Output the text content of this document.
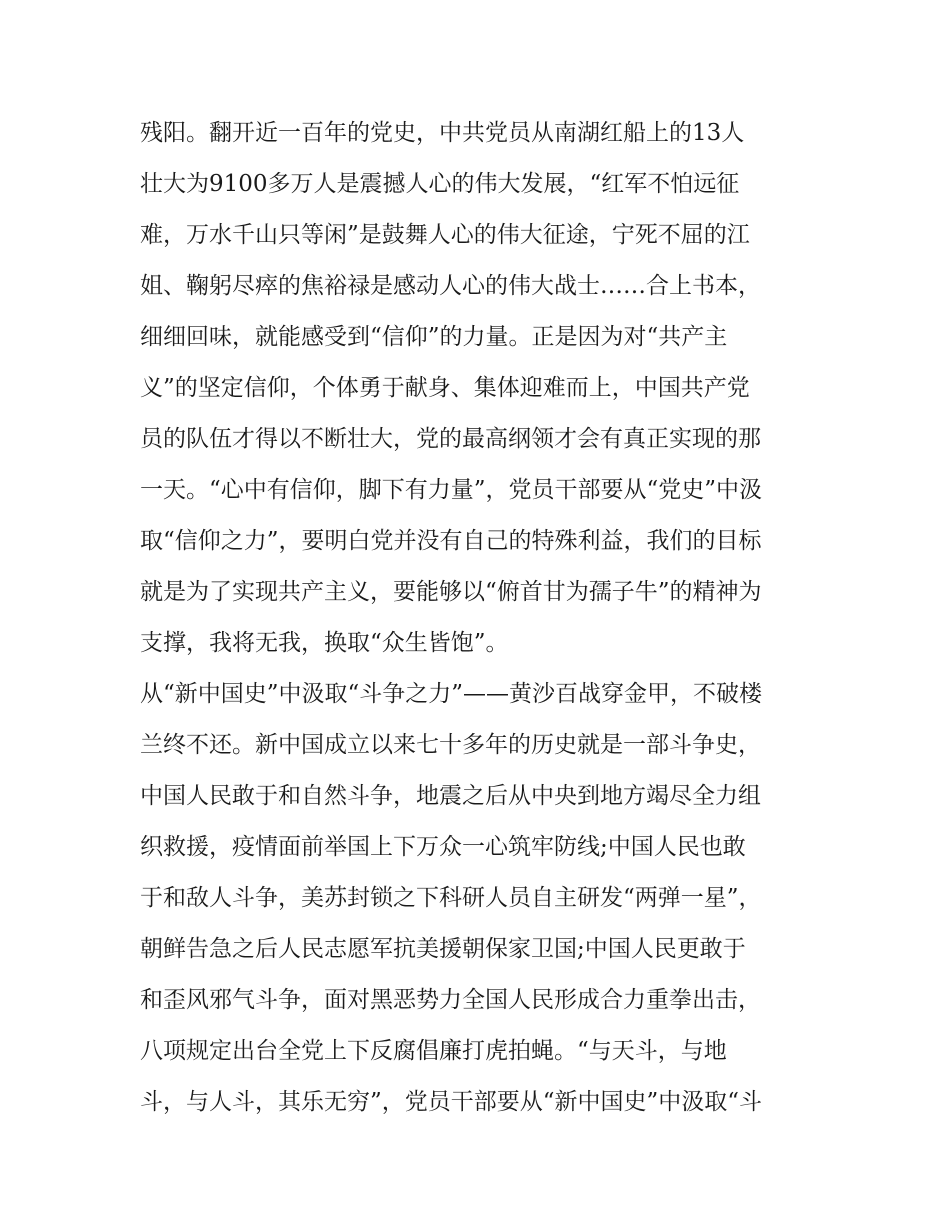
残阳。翻开近一百年的党史，中共党员从南湖红船上的13人
壮大为9100多万人是震撼人心的伟大发展，“红军不怕远征
难，万水千山只等闲”是鼓舞人心的伟大征途，宁死不屈的江
姐、鞠躬尽瘁的焦裕禄是感动人心的伟大战士……合上书本，
细细回味，就能感受到“信仰”的力量。正是因为对“共产主
义”的坚定信仰，个体勇于献身、集体迎难而上，中国共产党
员的队伍才得以不断壮大，党的最高纲领才会有真正实现的那
一天。“心中有信仰，脚下有力量”，党员干部要从“党史”中汲
取“信仰之力”，要明白党并没有自己的特殊利益，我们的目标
就是为了实现共产主义，要能够以“俯首甘为孺子牛”的精神为
支撑，我将无我，换取“众生皆饱”。
从“新中国史”中汲取“斗争之力”——黄沙百战穿金甲，不破楼
兰终不还。新中国成立以来七十多年的历史就是一部斗争史，
中国人民敢于和自然斗争，地震之后从中央到地方竭尽全力组
织救援，疫情面前举国上下万众一心筑牢防线;中国人民也敢
于和敌人斗争，美苏封锁之下科研人员自主研发“两弹一星”，
朝鲜告急之后人民志愿军抗美援朝保家卫国;中国人民更敢于
和歪风邪气斗争，面对黑恶势力全国人民形成合力重拳出击，
八项规定出台全党上下反腐倡廉打虎拍蝇。“与天斗，与地
斗，与人斗，其乐无穷”，党员干部要从“新中国史”中汲取“斗
